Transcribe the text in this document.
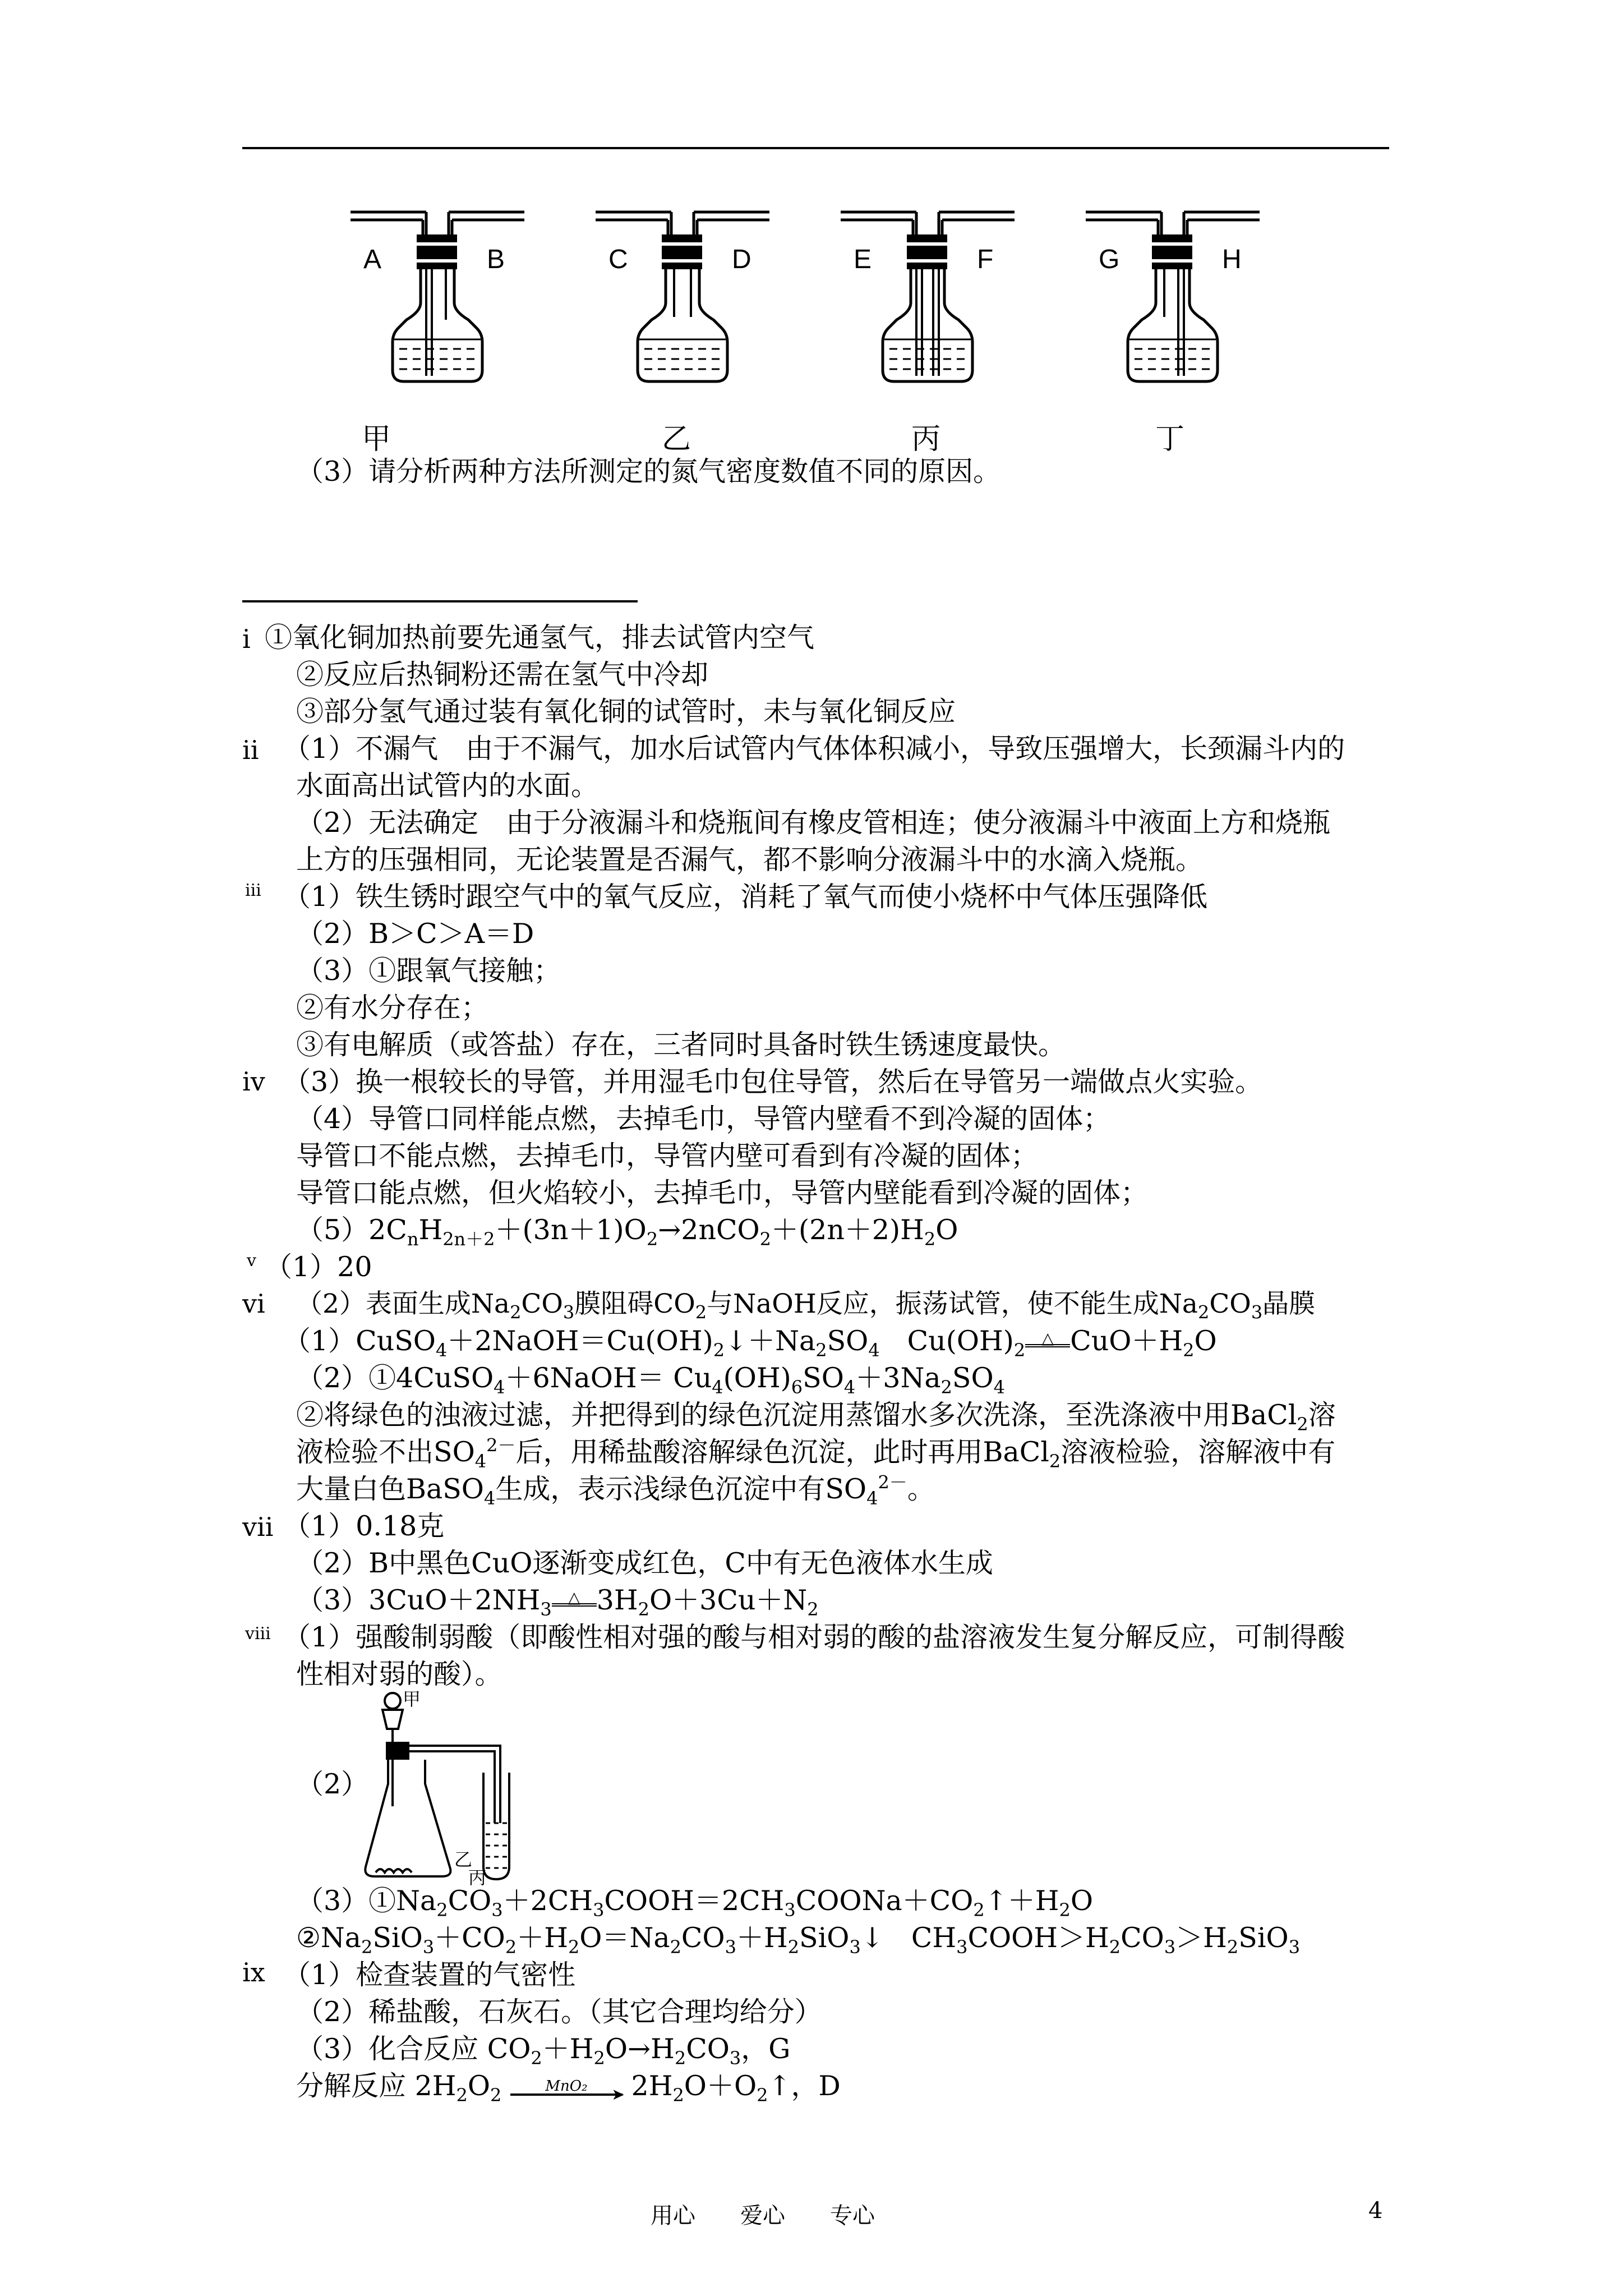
A	B	C	D	E	F	G	H
甲	乙	丙	丁
（3）请分析两种方法所测定的氮气密度数值不同的原因。
i
ii
iii
iv
v
vi
vii
viii
ix
①氧化铜加热前要先通氢气，排去试管内空气
②反应后热铜粉还需在氢气中冷却
③部分氢气通过装有氧化铜的试管时，未与氧化铜反应
（1）不漏气　由于不漏气，加水后试管内气体体积减小，导致压强增大，长颈漏斗内的
水面高出试管内的水面。
（2）无法确定　由于分液漏斗和烧瓶间有橡皮管相连；使分液漏斗中液面上方和烧瓶
上方的压强相同，无论装置是否漏气，都不影响分液漏斗中的水滴入烧瓶。
（1）铁生锈时跟空气中的氧气反应，消耗了氧气而使小烧杯中气体压强降低
（2）B＞C＞A＝D
（3）①跟氧气接触；
②有水分存在；
③有电解质（或答盐）存在，三者同时具备时铁生锈速度最快。
（3）换一根较长的导管，并用湿毛巾包住导管，然后在导管另一端做点火实验。
（4）导管口同样能点燃，去掉毛巾，导管内壁看不到冷凝的固体；
导管口不能点燃，去掉毛巾，导管内壁可看到有冷凝的固体；
导管口能点燃，但火焰较小，去掉毛巾，导管内壁能看到冷凝的固体；
$(5)2C_nH_{2n+2}+(3n+1)O_2\to 2nCO_2+(2n+2)H_2O$
（1）20
（2）表面生成$Na_2CO_3$膜阻碍$CO_2$与NaOH反应，振荡试管，使不能生成$Na_2CO_3$晶膜
$(1)CuSO_4+2NaOH=Cu(OH)_2↓+Na_2SO_4$　$Cu(OH)_2\triangle$ $CuO+H_2O$
（2）①4CuSO$_4$＋6NaOH＝ $Cu_4(OH)_6SO_4+3Na_2SO_4$
②将绿色的浊液过滤，并把得到的绿色沉淀用蒸馏水多次洗涤，至洗涤液中用BaCl$_2$溶
液检验不出$SO_4^{2-}$后，用稀盐酸溶解绿色沉淀，此时再用BaCl$_2$溶液检验，溶解液中有
大量白色BaSO$_4$生成，表示浅绿色沉淀中有$SO_4^{2-}$。
（1）0.18克
（2）B中黑色CuO逐渐变成红色，C中有无色液体水生成
$(3)3CuO+2NH_3\triangle$ $3H_2O+3Cu+N_2$
（1）强酸制弱酸（即酸性相对强的酸与相对弱的酸的盐溶液发生复分解反应，可制得酸
性相对弱的酸）。
（2）
甲
乙
丙
$(3)①Na_2CO_3+2CH_3COOH=2CH_3COONa+CO_2↑+H_2O$
$②Na_2SiO_3+CO_2+H_2O=Na_2CO_3+H_2SiO_3↓$　$CH_3COOH>H_2CO_3>H_2SiO_3$
（1）检查装置的气密性
（2）稀盐酸，石灰石。（其它合理均给分）
（3）化合反应 $CO_2+H_2O\to H_2CO_3$，G
分解反应 $2H_2O_2$	MnO₂	➤
$2H_2O+O_2↑$，D
用心　　爱心　　专心	4
